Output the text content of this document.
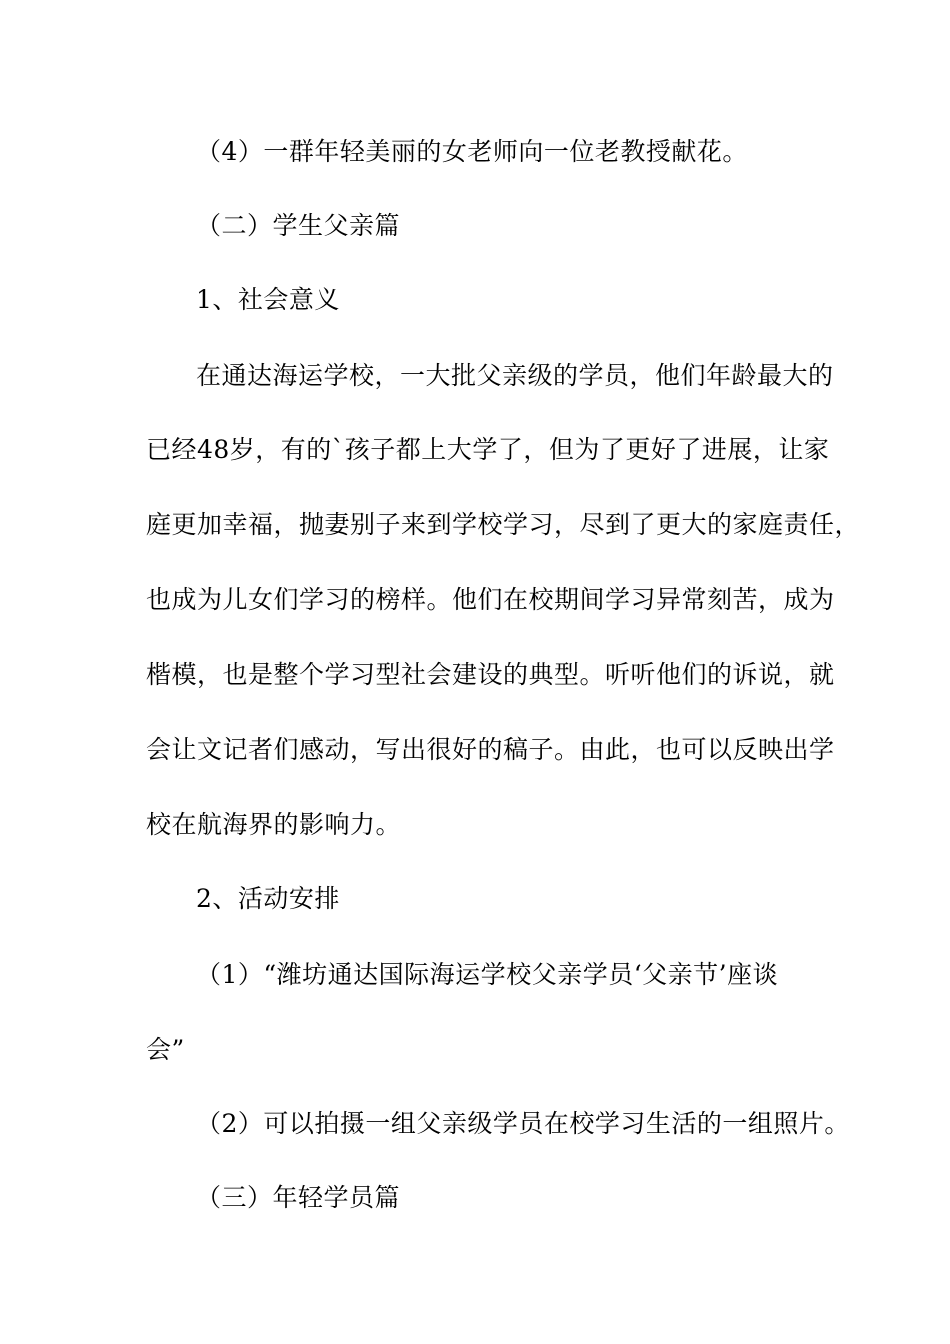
（4）一群年轻美丽的女老师向一位老教授献花。
（二）学生父亲篇
1、社会意义
在通达海运学校，一大批父亲级的学员，他们年龄最大的
已经48岁，有的`孩子都上大学了，但为了更好了进展，让家
庭更加幸福，抛妻别子来到学校学习，尽到了更大的家庭责任，
也成为儿女们学习的榜样。他们在校期间学习异常刻苦，成为
楷模，也是整个学习型社会建设的典型。听听他们的诉说，就
会让文记者们感动，写出很好的稿子。由此，也可以反映出学
校在航海界的影响力。
2、活动安排
（1）“潍坊通达国际海运学校父亲学员‘父亲节’座谈
会”
（2）可以拍摄一组父亲级学员在校学习生活的一组照片。
（三）年轻学员篇
